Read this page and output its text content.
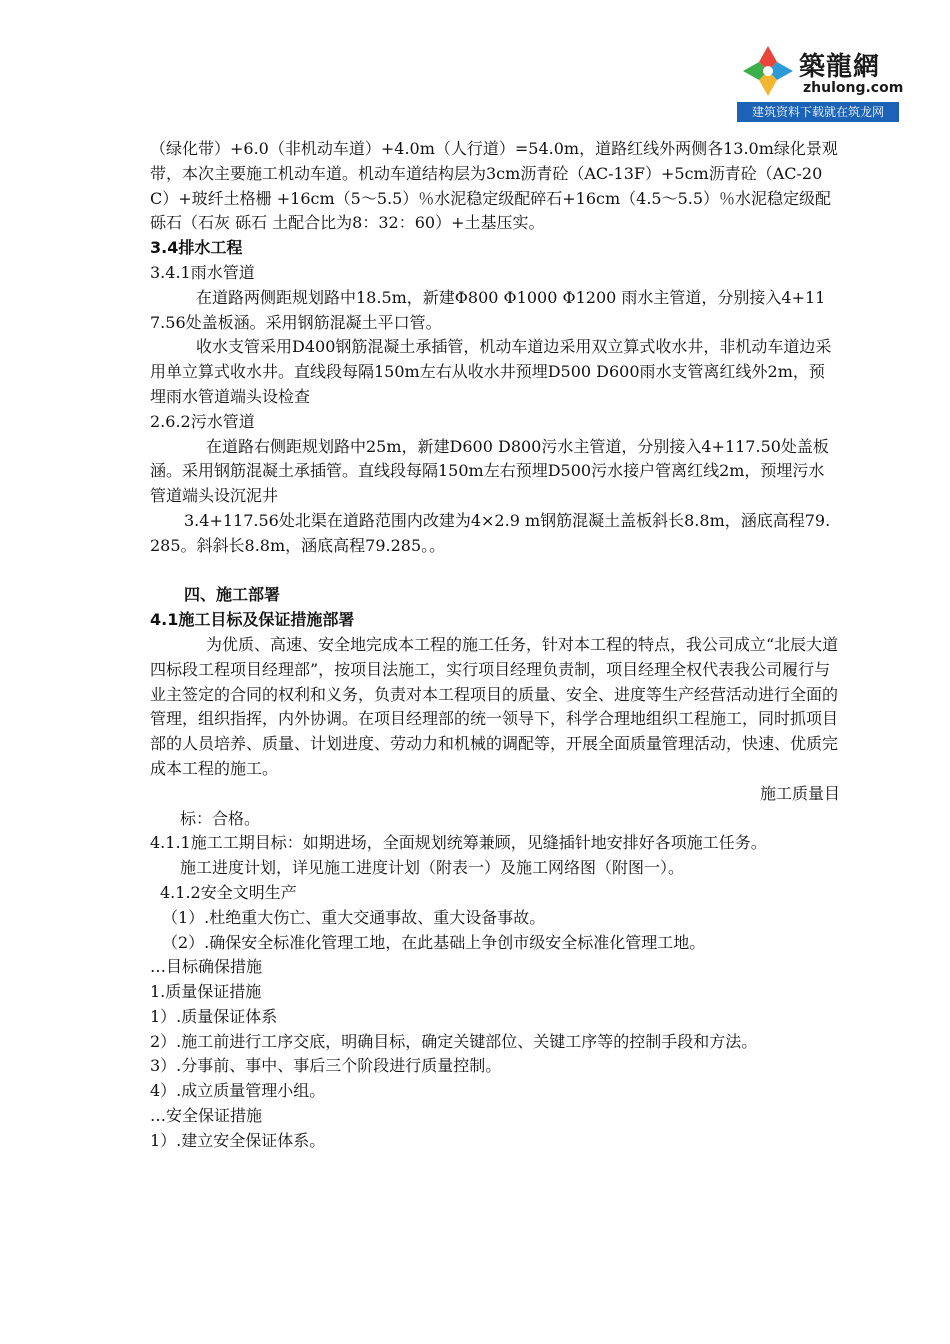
築龍網
zhulong.com
建筑资料下载就在筑龙网

（绿化带）+6.0（非机动车道）+4.0m（人行道）=54.0m，道路红线外两侧各13.0m绿化景观带，本次主要施工机动车道。机动车道结构层为3cm沥青砼（AC-13F）+5cm沥青砼（AC-20C）+玻纤土格栅 +16cm（5～5.5）％水泥稳定级配碎石+16cm（4.5～5.5）％水泥稳定级配砾石（石灰 砾石 土配合比为8：32：60）+土基压实。

3.4排水工程

3.4.1雨水管道

在道路两侧距规划路中18.5m，新建Φ800 Φ1000 Φ1200 雨水主管道，分别接入4+117.56处盖板涵。采用钢筋混凝土平口管。

收水支管采用D400钢筋混凝土承插管，机动车道边采用双立算式收水井，非机动车道边采用单立算式收水井。直线段每隔150m左右从收水井预埋D500 D600雨水支管离红线外2m，预埋雨水管道端头设检查

2.6.2污水管道

在道路右侧距规划路中25m，新建D600 D800污水主管道，分别接入4+117.50处盖板涵。采用钢筋混凝土承插管。直线段每隔150m左右预埋D500污水接户管离红线2m，预埋污水管道端头设沉泥井

3.4+117.56处北渠在道路范围内改建为4×2.9 m钢筋混凝土盖板斜长8.8m，涵底高程79.285。斜斜长8.8m，涵底高程79.285。。

四、施工部署

4.1施工目标及保证措施部署

为优质、高速、安全地完成本工程的施工任务，针对本工程的特点，我公司成立“北辰大道四标段工程项目经理部”，按项目法施工，实行项目经理负责制，项目经理全权代表我公司履行与业主签定的合同的权利和义务，负责对本工程项目的质量、安全、进度等生产经营活动进行全面的管理，组织指挥，内外协调。在项目经理部的统一领导下，科学合理地组织工程施工，同时抓项目部的人员培养、质量、计划进度、劳动力和机械的调配等，开展全面质量管理活动，快速、优质完成本工程的施工。

施工质量目

标：合格。

4.1.1施工工期目标：如期进场，全面规划统筹兼顾，见缝插针地安排好各项施工任务。

施工进度计划，详见施工进度计划（附表一）及施工网络图（附图一）。

4.1.2安全文明生产

（1）.杜绝重大伤亡、重大交通事故、重大设备事故。

（2）.确保安全标准化管理工地，在此基础上争创市级安全标准化管理工地。

…目标确保措施

1.质量保证措施

1）.质量保证体系

2）.施工前进行工序交底，明确目标，确定关键部位、关键工序等的控制手段和方法。

3）.分事前、事中、事后三个阶段进行质量控制。

4）.成立质量管理小组。

…安全保证措施

1）.建立安全保证体系。
